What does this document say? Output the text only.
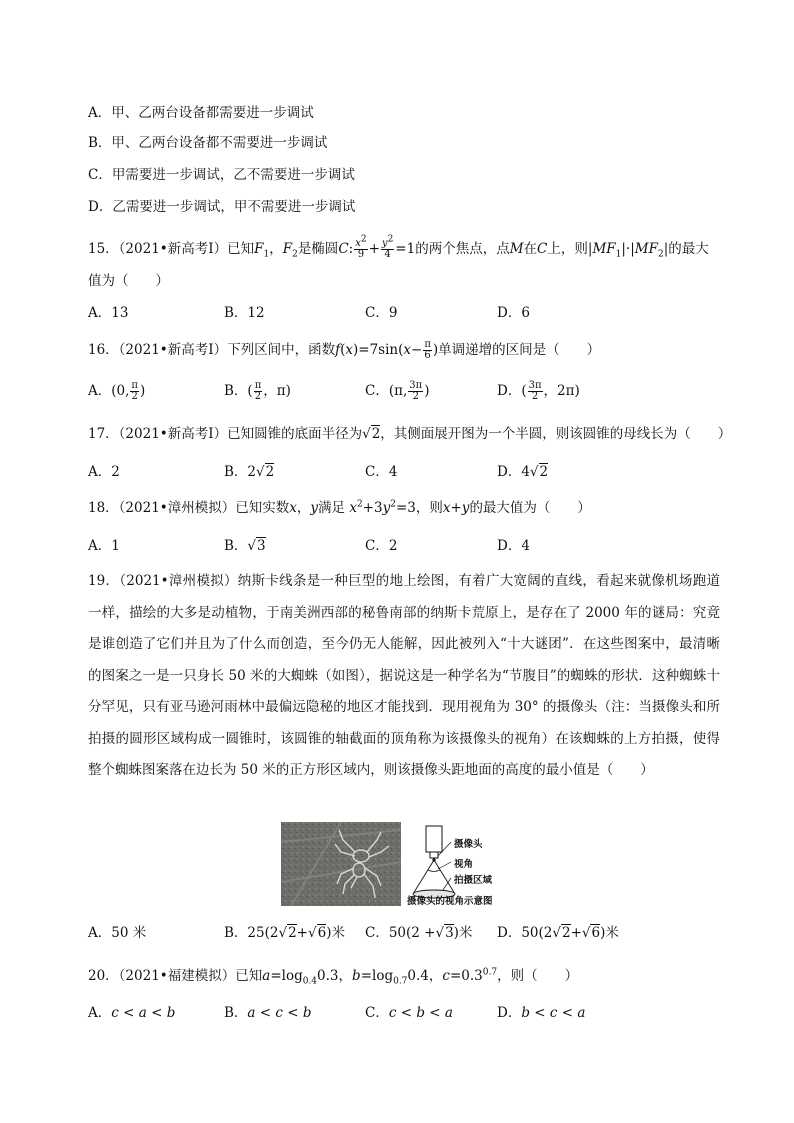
A．甲、乙两台设备都需要进一步调试
B．甲、乙两台设备都不需要进一步调试
C．甲需要进一步调试，乙不需要进一步调试
D．乙需要进一步调试，甲不需要进一步调试
15．（2021•新高考Ⅰ）已知$F_1$，$F_2$是椭圆C: $\frac{x^2}{9} + \frac{y^2}{4} =1$的两个焦点，点M在C上，则$|MF_1|\cdot|MF_2|$的最大
值为（　　）
A．13	B．12	C．9	D．6
16．（2021•新高考Ⅰ）下列区间中，函数$f(x)=7\sin(x- \frac{\pi}{6}$ )单调递增的区间是（　　）
A．(0, $\frac{\pi}{2}$ )	B．( $\frac{\pi}{2}$ ，π)	C．(π, $\frac{3\pi}{2}$ )	D．( $\frac{3\pi}{2}$ ，2π)
17．（2021•新高考Ⅰ）已知圆锥的底面半径为√2，其侧面展开图为一个半圆，则该圆锥的母线长为（　　）
A．2	B．2√2	C．4	D．4√2
18．（2021•漳州模拟）已知实数x，y满足 $x^2+3y^2=3$，则x+y的最大值为（　　）
A．1	B．√3	C．2	D．4
19．（2021•漳州模拟）纳斯卡线条是一种巨型的地上绘图，有着广大宽阔的直线，看起来就像机场跑道一样，描绘的大多是动植物，于南美洲西部的秘鲁南部的纳斯卡荒原上，是存在了 2000 年的谜局：究竟是谁创造了它们并且为了什么而创造，至今仍无人能解，因此被列入“十大谜团”．在这些图案中，最清晰的图案之一是一只身长 50 米的大蜘蛛（如图），据说这是一种学名为“节腹目”的蜘蛛的形状．这种蜘蛛十分罕见，只有亚马逊河雨林中最偏远隐秘的地区才能找到．现用视角为 30° 的摄像头（注：当摄像头和所拍摄的圆形区域构成一圆锥时，该圆锥的轴截面的顶角称为该摄像头的视角）在该蜘蛛的上方拍摄，使得整个蜘蛛图案落在边长为 50 米的正方形区域内，则该摄像头距地面的高度的最小值是（　　）
摄像头
视角
拍摄区域
摄像头的视角示意图
A．50 米	B．25(2√2+√6)米 C．50(2 +√3)米 D．50(2√2+√6)米
20．（2021•福建模拟）已知$a=\log_{0.4}0.3$，$b=\log_{0.7}0.4$，$c=0.3^{0.7}$，则（　　）
A．c < a < b	B．a < c < b	C．c < b < a	D．b < c < a
